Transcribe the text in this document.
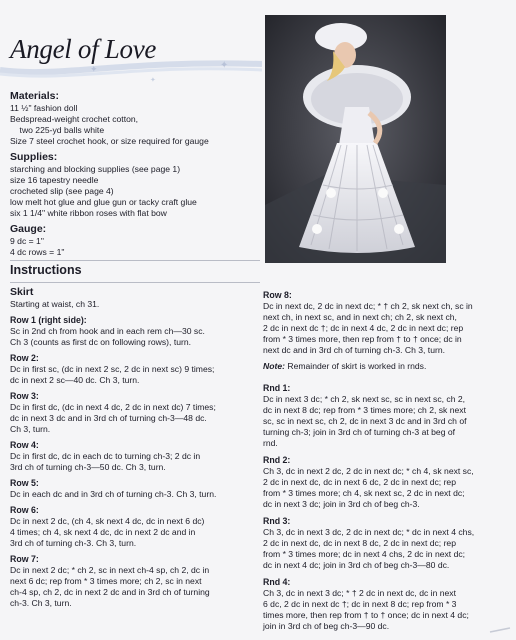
Angel of Love
✦	✦
✦

Materials:

11 ½" fashion doll

Bedspread-weight crochet cotton,

two 225-yd balls white

Size 7 steel crochet hook, or size required for gauge

Supplies:

starching and blocking supplies (see page 1)

size 16 tapestry needle

crocheted slip (see page 4)

low melt hot glue and glue gun or tacky craft glue

six 1 1/4" white ribbon roses with flat bow

Gauge:

9 dc = 1"

4 dc rows = 1"

Instructions

Skirt

Starting at waist, ch 31.

Row 1 (right side):

Sc in 2nd ch from hook and in each rem ch—30 sc.

Ch 3 (counts as first dc on following rows), turn.

Row 2:

Dc in first sc, (dc in next 2 sc, 2 dc in next sc) 9 times;

dc in next 2 sc—40 dc. Ch 3, turn.

Row 3:

Dc in first dc, (dc in next 4 dc, 2 dc in next dc) 7 times;

dc in next 3 dc and in 3rd ch of turning ch-3—48 dc.

Ch 3, turn.

Row 4:

Dc in first dc, dc in each dc to turning ch-3; 2 dc in

3rd ch of turning ch-3—50 dc. Ch 3, turn.

Row 5:

Dc in each dc and in 3rd ch of turning ch-3. Ch 3, turn.

Row 6:

Dc in next 2 dc, (ch 4, sk next 4 dc, dc in next 6 dc)

4 times; ch 4, sk next 4 dc, dc in next 2 dc and in

3rd ch of turning ch-3. Ch 3, turn.

Row 7:

Dc in next 2 dc; * ch 2, sc in next ch-4 sp, ch 2, dc in

next 6 dc; rep from * 3 times more; ch 2, sc in next

ch-4 sp, ch 2, dc in next 2 dc and in 3rd ch of turning

ch-3. Ch 3, turn.

Row 8:

Dc in next dc, 2 dc in next dc; * † ch 2, sk next ch, sc in

next ch, in next sc, and in next ch; ch 2, sk next ch,

2 dc in next dc †; dc in next 4 dc, 2 dc in next dc; rep

from * 3 times more, then rep from † to † once; dc in

next dc and in 3rd ch of turning ch-3. Ch 3, turn.

Note: Remainder of skirt is worked in rnds.

Rnd 1:

Dc in next 3 dc; * ch 2, sk next sc, sc in next sc, ch 2,

dc in next 8 dc; rep from * 3 times more; ch 2, sk next

sc, sc in next sc, ch 2, dc in next 3 dc and in 3rd ch of

turning ch-3; join in 3rd ch of turning ch-3 at beg of

rnd.

Rnd 2:

Ch 3, dc in next 2 dc, 2 dc in next dc; * ch 4, sk next sc,

2 dc in next dc, dc in next 6 dc, 2 dc in next dc; rep

from * 3 times more; ch 4, sk next sc, 2 dc in next dc;

dc in next 3 dc; join in 3rd ch of beg ch-3.

Rnd 3:

Ch 3, dc in next 3 dc, 2 dc in next dc; * dc in next 4 chs,

2 dc in next dc, dc in next 8 dc, 2 dc in next dc; rep

from * 3 times more; dc in next 4 chs, 2 dc in next dc;

dc in next 4 dc; join in 3rd ch of beg ch-3—80 dc.

Rnd 4:

Ch 3, dc in next 3 dc; * † 2 dc in next dc, dc in next

6 dc, 2 dc in next dc †; dc in next 8 dc; rep from * 3

times more, then rep from † to † once; dc in next 4 dc;

join in 3rd ch of beg ch-3—90 dc.
